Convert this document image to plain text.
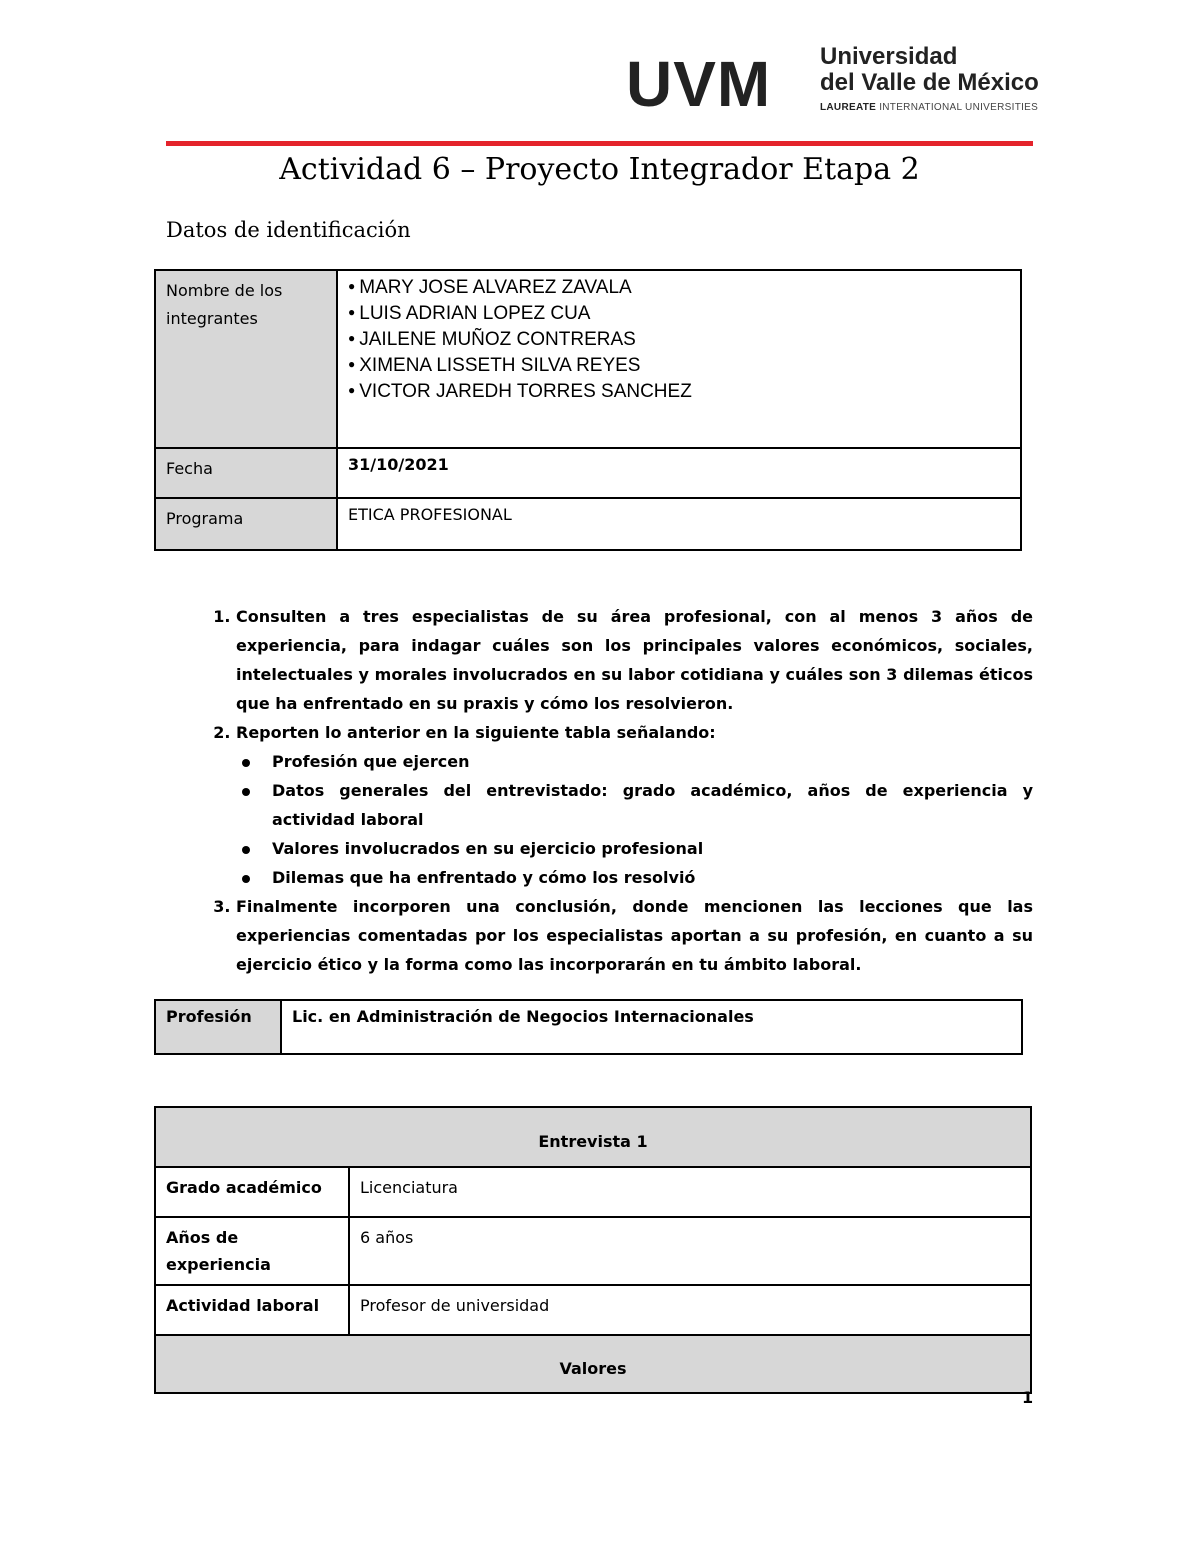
UVM Universidad
del Valle de México
LAUREATE INTERNATIONAL UNIVERSITIES
Actividad 6 – Proyecto Integrador Etapa 2
Datos de identificación
Nombre de los integrantes	● MARY JOSE ALVAREZ ZAVALA
● LUIS ADRIAN LOPEZ CUA
● JAILENE MUÑOZ CONTRERAS
● XIMENA LISSETH SILVA REYES
● VICTOR JAREDH TORRES SANCHEZ

Fecha	31/10/2021
Programa	ETICA PROFESIONAL
1. Consulten a tres especialistas de su área profesional, con al menos 3 años de experiencia, para indagar cuáles son los principales valores económicos, sociales, intelectuales y morales involucrados en su labor cotidiana y cuáles son 3 dilemas éticos que ha enfrentado en su praxis y cómo los resolvieron.
2. Reporten lo anterior en la siguiente tabla señalando:
Profesión que ejercen
Datos generales del entrevistado: grado académico, años de experiencia y actividad laboral
Valores involucrados en su ejercicio profesional
Dilemas que ha enfrentado y cómo los resolvió
3. Finalmente incorporen una conclusión, donde mencionen las lecciones que las experiencias comentadas por los especialistas aportan a su profesión, en cuanto a su ejercicio ético y la forma como las incorporarán en tu ámbito laboral.
Profesión	Lic. en Administración de Negocios Internacionales
Entrevista 1	
Grado académico	Licenciatura
Años de experiencia	6 años
Actividad laboral	Profesor de universidad
Valores	
1
